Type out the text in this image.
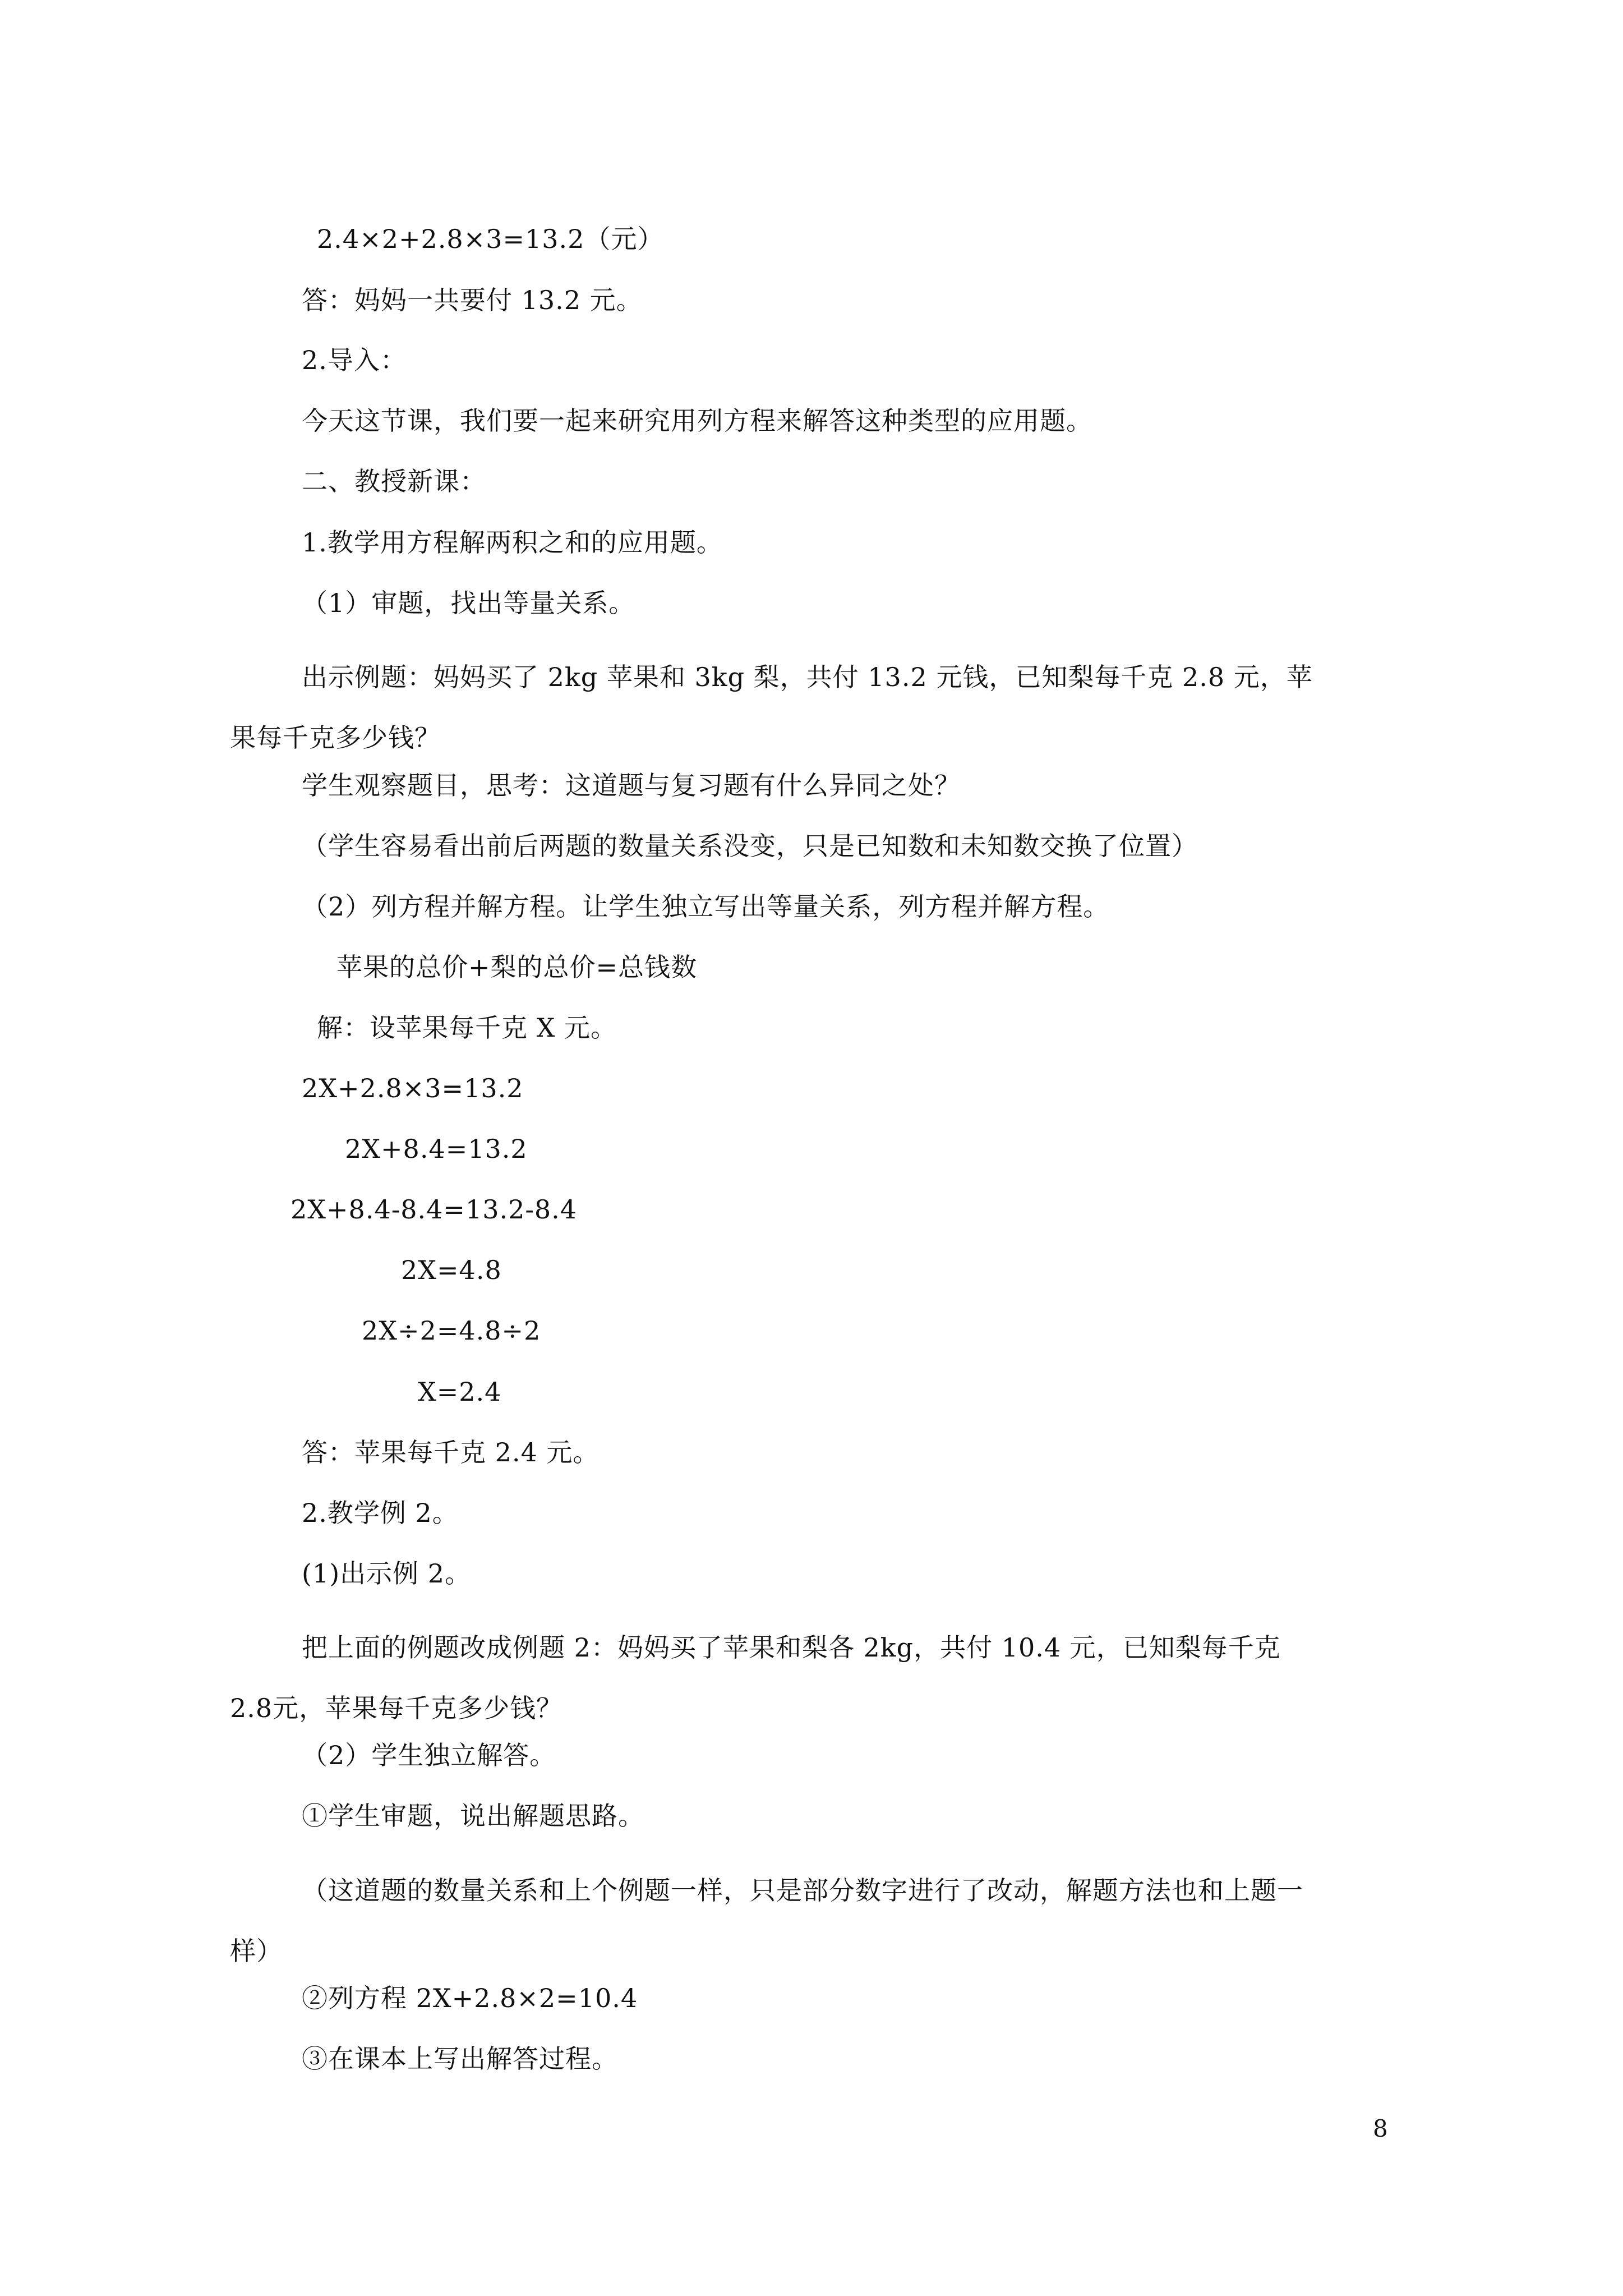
2.4×2+2.8×3=13.2（元）
答：妈妈一共要付 13.2 元。
2.导入：
今天这节课，我们要一起来研究用列方程来解答这种类型的应用题。
二、教授新课：
1.教学用方程解两积之和的应用题。
（1）审题，找出等量关系。
出示例题：妈妈买了 2kg 苹果和 3kg 梨，共付 13.2 元钱，已知梨每千克 2.8 元，苹果每千克多少钱？
学生观察题目，思考：这道题与复习题有什么异同之处？
（学生容易看出前后两题的数量关系没变，只是已知数和未知数交换了位置）
（2）列方程并解方程。让学生独立写出等量关系，列方程并解方程。
苹果的总价+梨的总价=总钱数
解：设苹果每千克 X 元。
2X+2.8×3=13.2
2X+8.4=13.2
2X+8.4-8.4=13.2-8.4
2X=4.8
2X÷2=4.8÷2
X=2.4
答：苹果每千克 2.4 元。
2.教学例 2。
(1)出示例 2。
把上面的例题改成例题 2：妈妈买了苹果和梨各 2kg，共付 10.4 元，已知梨每千克 2.8元，苹果每千克多少钱？
（2）学生独立解答。
①学生审题，说出解题思路。
（这道题的数量关系和上个例题一样，只是部分数字进行了改动，解题方法也和上题一样）
②列方程 2X+2.8×2=10.4
③在课本上写出解答过程。
8
